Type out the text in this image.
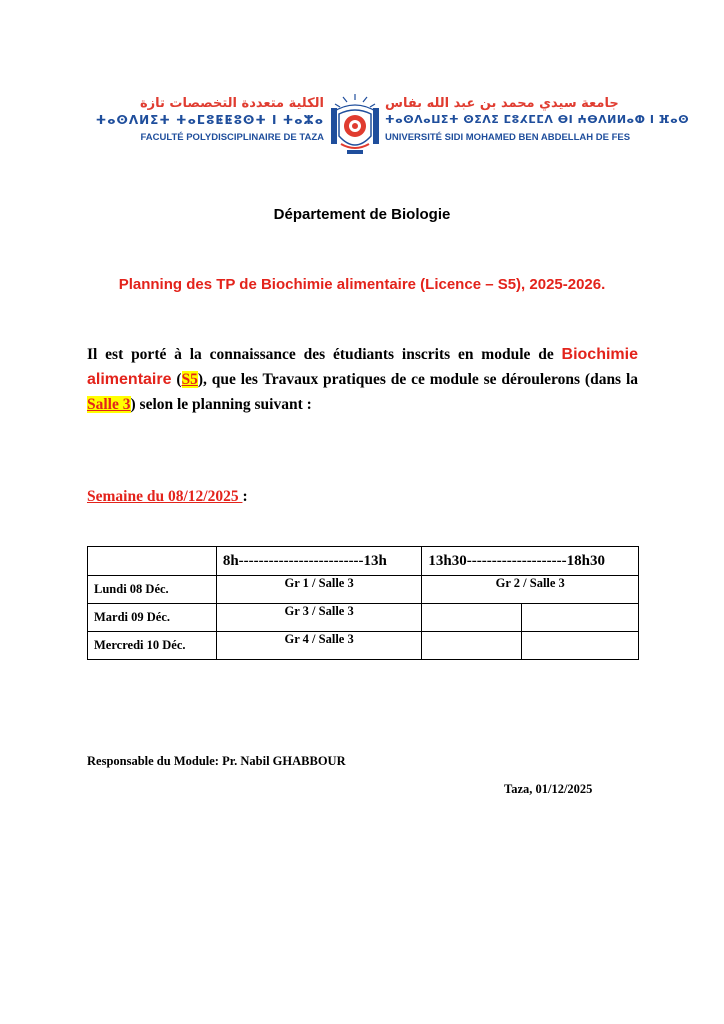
الكلية متعددة التخصصات تازة
ⵜⴰⵙⴷⵍⵉⵜ ⵜⴰⵎⵓⵟⵟⵓⵙⵜ ⵏ ⵜⴰⵣⴰ
FACULTÉ POLYDISCIPLINAIRE DE TAZA
جامعة سيدي محمد بن عبد الله بفاس
ⵜⴰⵙⴷⴰⵡⵉⵜ ⵙⵉⴷⵉ ⵎⵓⵃⵎⵎⴷ ⴱⵏ ⵄⴱⴷⵍⵍⴰⵀ ⵏ ⴼⴰⵙ
UNIVERSITÉ SIDI MOHAMED BEN ABDELLAH DE FES
Département de Biologie
Planning des TP de Biochimie alimentaire (Licence – S5), 2025-2026.
Il est porté à la connaissance des étudiants inscrits en module de Biochimie alimentaire (S5), que les Travaux pratiques de ce module se déroulerons (dans la Salle 3) selon le planning suivant :
Semaine du 08/12/2025 :
	8h-------------------------13h	13h30--------------------18h30	
Lundi 08 Déc.	Gr 1 / Salle 3	Gr 2 / Salle 3	
Mardi 09 Déc.	Gr 3 / Salle 3		
Mercredi 10 Déc.	Gr 4 / Salle 3		
Responsable du Module: Pr. Nabil GHABBOUR
Taza, 01/12/2025
